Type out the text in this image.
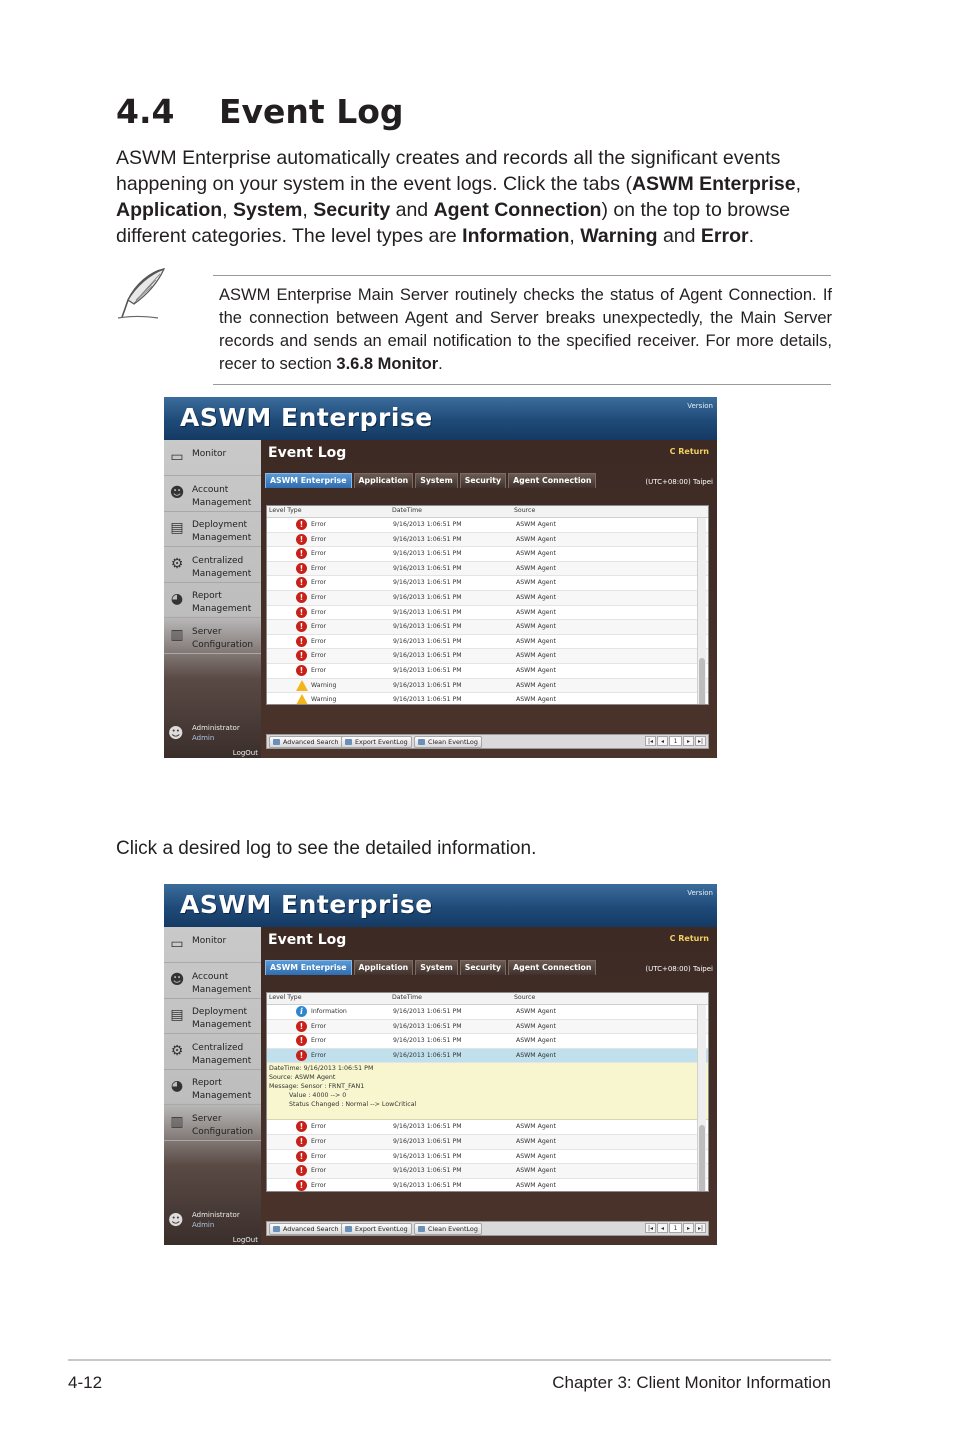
4.4 Event Log
ASWM Enterprise automatically creates and records all the significant events happening on your system in the event logs. Click the tabs (ASWM Enterprise, Application, System, Security and Agent Connection) on the top to browse different categories. The level types are Information, Warning and Error.
ASWM Enterprise Main Server routinely checks the status of Agent Connection. If the connection between Agent and Server breaks unexpectedly, the Main Server records and sends an email notification to the specified receiver. For more details, recer to section 3.6.8 Monitor.
ASWM Enterprise	Version
▭ Monitor
☻ Account
Management
▤ Deployment
Management
⚙ Centralized
Management
◕ Report
Management
▥ Server
Configuration
☻ Administrator
Admin
LogOut
Event Log	C Return
ASWM Enterprise	Application	System	Security	Agent Connection	(UTC+08:00) Taipei
Level Type	DateTime	Source
!	Error	9/16/2013 1:06:51 PM	ASWM Agent
!	Error	9/16/2013 1:06:51 PM	ASWM Agent
!	Error	9/16/2013 1:06:51 PM	ASWM Agent
!	Error	9/16/2013 1:06:51 PM	ASWM Agent
!	Error	9/16/2013 1:06:51 PM	ASWM Agent
!	Error	9/16/2013 1:06:51 PM	ASWM Agent
!	Error	9/16/2013 1:06:51 PM	ASWM Agent
!	Error	9/16/2013 1:06:51 PM	ASWM Agent
!	Error	9/16/2013 1:06:51 PM	ASWM Agent
!	Error	9/16/2013 1:06:51 PM	ASWM Agent
!	Error	9/16/2013 1:06:51 PM	ASWM Agent
Warning	9/16/2013 1:06:51 PM	ASWM Agent
Warning	9/16/2013 1:06:51 PM	ASWM Agent
Advanced Search	Export EventLog	Clean EventLog	|◂	◂	1	▸	▸|
Click a desired log to see the detailed information.
ASWM Enterprise	Version
▭ Monitor
☻ Account
Management
▤ Deployment
Management
⚙ Centralized
Management
◕ Report
Management
▥ Server
Configuration
☻ Administrator
Admin
LogOut
Event Log	C Return
ASWM Enterprise	Application	System	Security	Agent Connection	(UTC+08:00) Taipei
Level Type	DateTime	Source
i	Information	9/16/2013 1:06:51 PM	ASWM Agent
!	Error	9/16/2013 1:06:51 PM	ASWM Agent
!	Error	9/16/2013 1:06:51 PM	ASWM Agent
!	Error	9/16/2013 1:06:51 PM	ASWM Agent
DateTime: 9/16/2013 1:06:51 PM
Source: ASWM Agent
Message: Sensor : FRNT_FAN1
Value : 4000 --> 0
Status Changed : Normal --> LowCritical
!	Error	9/16/2013 1:06:51 PM	ASWM Agent
!	Error	9/16/2013 1:06:51 PM	ASWM Agent
!	Error	9/16/2013 1:06:51 PM	ASWM Agent
!	Error	9/16/2013 1:06:51 PM	ASWM Agent
!	Error	9/16/2013 1:06:51 PM	ASWM Agent
Advanced Search	Export EventLog	Clean EventLog	|◂	◂	1	▸	▸|
4-12	Chapter 3: Client Monitor Information
